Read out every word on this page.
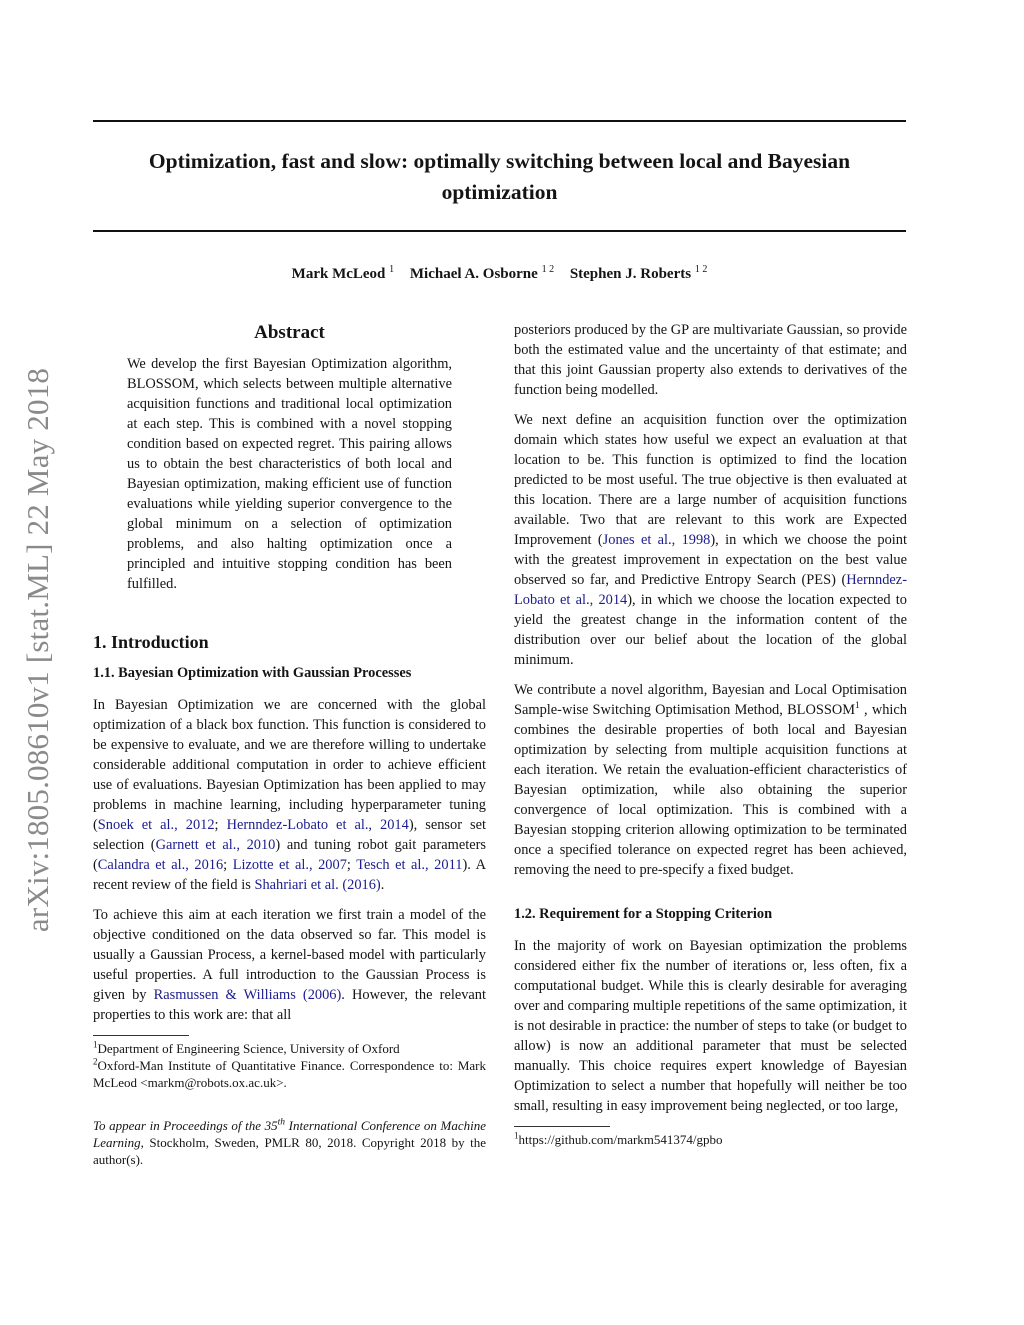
Optimization, fast and slow: optimally switching between local and Bayesian optimization
Mark McLeod $^1$ Michael A. Osborne $^{1 2}$ Stephen J. Roberts $^{1 2}$
arXiv:1805.08610v1 [stat.ML] 22 May 2018
Abstract

We develop the first Bayesian Optimization algorithm, BLOSSOM, which selects between multiple alternative acquisition functions and traditional local optimization at each step. This is combined with a novel stopping condition based on expected regret. This pairing allows us to obtain the best characteristics of both local and Bayesian optimization, making efficient use of function evaluations while yielding superior convergence to the global minimum on a selection of optimization problems, and also halting optimization once a principled and intuitive stopping condition has been fulfilled.

1. Introduction
1.1. Bayesian Optimization with Gaussian Processes

In Bayesian Optimization we are concerned with the global optimization of a black box function. This function is considered to be expensive to evaluate, and we are therefore willing to undertake considerable additional computation in order to achieve efficient use of evaluations. Bayesian Optimization has been applied to may problems in machine learning, including hyperparameter tuning (Snoek et al., 2012; Hernndez-Lobato et al., 2014), sensor set selection (Garnett et al., 2010) and tuning robot gait parameters (Calandra et al., 2016; Lizotte et al., 2007; Tesch et al., 2011). A recent review of the field is Shahriari et al. (2016).

To achieve this aim at each iteration we first train a model of the objective conditioned on the data observed so far. This model is usually a Gaussian Process, a kernel-based model with particularly useful properties. A full introduction to the Gaussian Process is given by Rasmussen & Williams (2006). However, the relevant properties to this work are: that all

$^1$Department of Engineering Science, University of Oxford

$^2$Oxford-Man Institute of Quantitative Finance. Correspondence to: Mark McLeod <markm@robots.ox.ac.uk>.

To appear in Proceedings of the 35th International Conference on Machine Learning, Stockholm, Sweden, PMLR 80, 2018. Copyright 2018 by the author(s).

posteriors produced by the GP are multivariate Gaussian, so provide both the estimated value and the uncertainty of that estimate; and that this joint Gaussian property also extends to derivatives of the function being modelled.

We next define an acquisition function over the optimization domain which states how useful we expect an evaluation at that location to be. This function is optimized to find the location predicted to be most useful. The true objective is then evaluated at this location. There are a large number of acquisition functions available. Two that are relevant to this work are Expected Improvement (Jones et al., 1998), in which we choose the point with the greatest improvement in expectation on the best value observed so far, and Predictive Entropy Search (PES) (Hernndez-Lobato et al., 2014), in which we choose the location expected to yield the greatest change in the information content of the distribution over our belief about the location of the global minimum.

We contribute a novel algorithm, Bayesian and Local Optimisation Sample-wise Switching Optimisation Method, BLOSSOM$^1$ , which combines the desirable properties of both local and Bayesian optimization by selecting from multiple acquisition functions at each iteration. We retain the evaluation-efficient characteristics of Bayesian optimization, while also obtaining the superior convergence of local optimization. This is combined with a Bayesian stopping criterion allowing optimization to be terminated once a specified tolerance on expected regret has been achieved, removing the need to pre-specify a fixed budget.

1.2. Requirement for a Stopping Criterion

In the majority of work on Bayesian optimization the problems considered either fix the number of iterations or, less often, fix a computational budget. While this is clearly desirable for averaging over and comparing multiple repetitions of the same optimization, it is not desirable in practice: the number of steps to take (or budget to allow) is now an additional parameter that must be selected manually. This choice requires expert knowledge of Bayesian Optimization to select a number that hopefully will neither be too small, resulting in easy improvement being neglected, or too large,

$^1$https://github.com/markm541374/gpbo
